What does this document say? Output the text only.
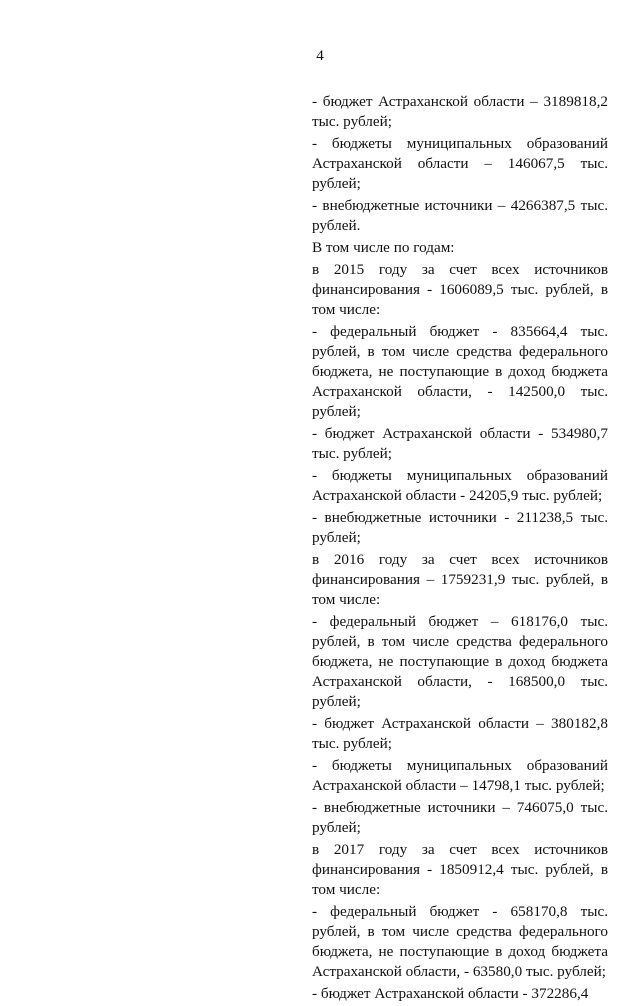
4

- бюджет Астраханской области – 3189818,2 тыс. рублей;

- бюджеты муниципальных образований Астраханской области – 146067,5 тыс. рублей;

- внебюджетные источники – 4266387,5 тыс. рублей.

В том числе по годам:

в 2015 году за счет всех источников финансирования - 1606089,5 тыс. рублей, в том числе:

- федеральный бюджет - 835664,4 тыс. рублей, в том числе средства федерального бюджета, не поступающие в доход бюджета Астраханской области, - 142500,0 тыс. рублей;

- бюджет Астраханской области - 534980,7 тыс. рублей;

- бюджеты муниципальных образований Астраханской области - 24205,9 тыс. рублей;

- внебюджетные источники - 211238,5 тыс. рублей;

в 2016 году за счет всех источников финансирования – 1759231,9 тыс. рублей, в том числе:

- федеральный бюджет – 618176,0 тыс. рублей, в том числе средства федерального бюджета, не поступающие в доход бюджета Астраханской области, - 168500,0 тыс. рублей;

- бюджет Астраханской области – 380182,8 тыс. рублей;

- бюджеты муниципальных образований Астраханской области – 14798,1 тыс. рублей;

- внебюджетные источники – 746075,0 тыс. рублей;

в 2017 году за счет всех источников финансирования - 1850912,4 тыс. рублей, в том числе:

- федеральный бюджет - 658170,8 тыс. рублей, в том числе средства федерального бюджета, не поступающие в доход бюджета Астраханской области, - 63580,0 тыс. рублей;

- бюджет Астраханской области - 372286,4
